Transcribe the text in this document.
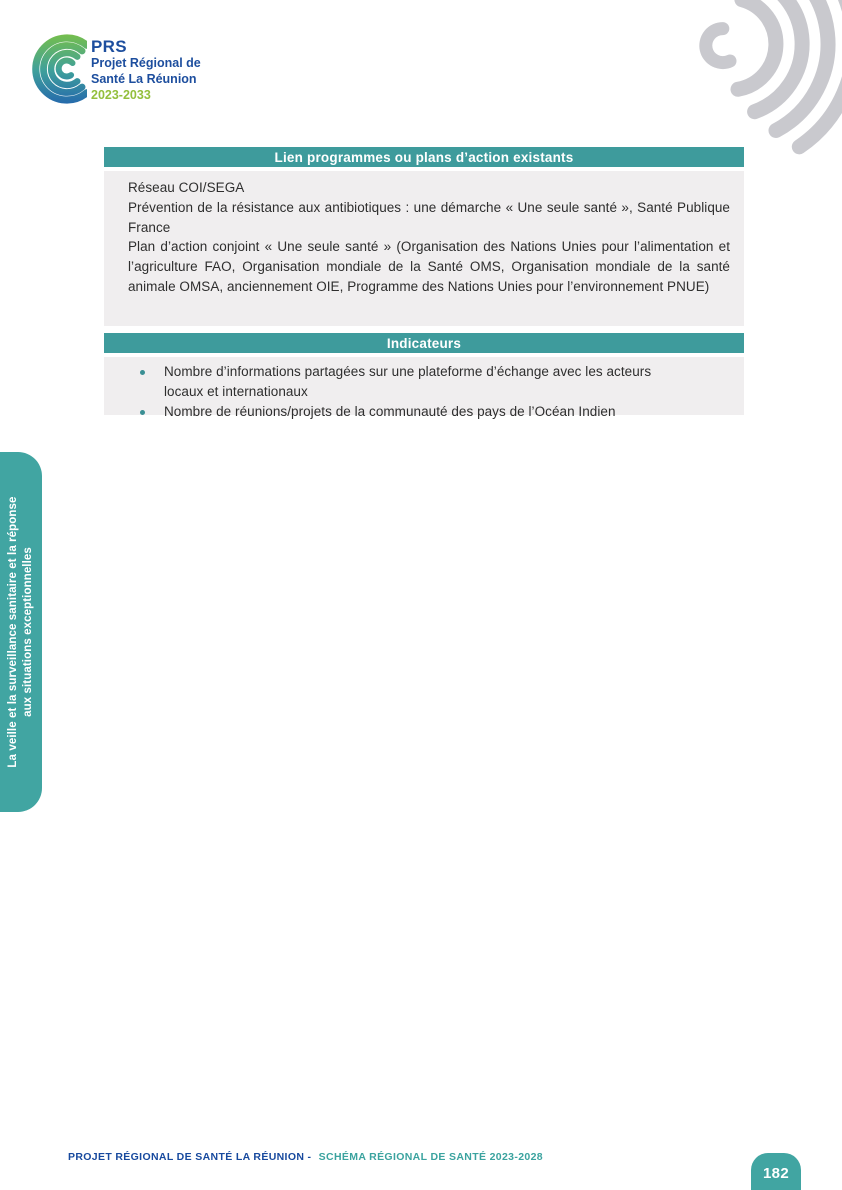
PRS
Projet Régional de
Santé La Réunion
2023-2033
Lien programmes ou plans d’action existants

Réseau COI/SEGA

Prévention de la résistance aux antibiotiques : une démarche « Une seule santé », Santé Publique France

Plan d’action conjoint « Une seule santé » (Organisation des Nations Unies pour l’alimentation et l’agriculture FAO, Organisation mondiale de la Santé OMS, Organisation mondiale de la santé animale OMSA, anciennement OIE, Programme des Nations Unies pour l’environnement PNUE)

Indicateurs
Nombre d’informations partagées sur une plateforme d’échange avec les acteurs locaux et internationaux
Nombre de réunions/projets de la communauté des pays de l’Océan Indien
La veille et la surveillance sanitaire et la réponse aux situations exceptionnelles
PROJET RÉGIONAL DE SANTÉ LA RÉUNION - SCHÉMA RÉGIONAL DE SANTÉ 2023-2028
182
